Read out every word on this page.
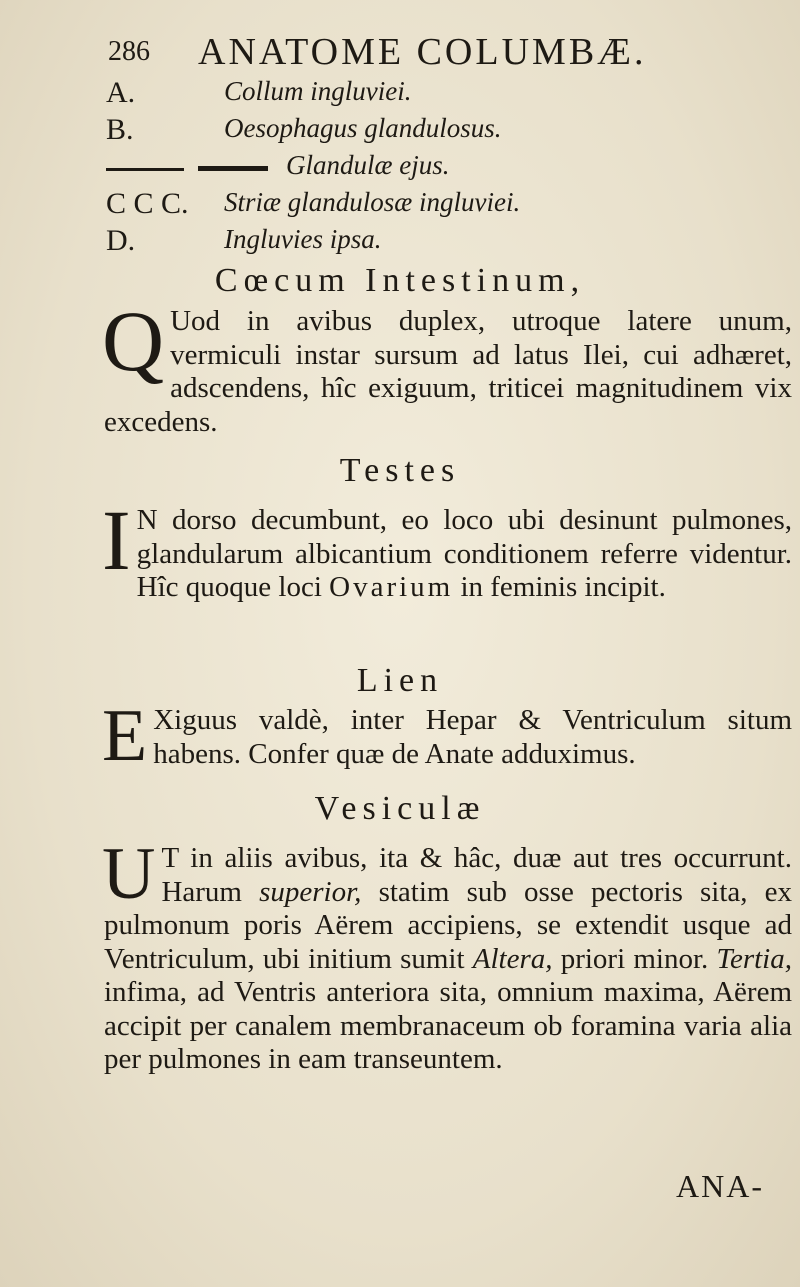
286 ANATOME COLUMBÆ.
A.	Collum ingluviei.
B.	Oesophagus glandulosus.
Glandulæ ejus.
C C C. Striæ glandulosæ ingluviei.
D.	Ingluvies ipsa.
Cœcum Intestinum,
Q Uod in avibus duplex, utroque latere unum, vermiculi instar sursum ad latus Ilei, cui adhæret, adscendens, hîc exiguum, triticei magnitudinem vix excedens.
Testes
I N dorso decumbunt, eo loco ubi desinunt pulmones, glandularum albicantium conditionem referre videntur. Hîc quoque loci Ovarium in feminis incipit.
Lien
E Xiguus valdè, inter Hepar & Ventriculum situm habens. Confer quæ de Anate adduximus.
Vesiculæ
U T in aliis avibus, ita & hâc, duæ aut tres occurrunt. Harum superior, statim sub osse pectoris sita, ex pulmonum poris Aërem accipiens, se extendit usque ad Ventriculum, ubi initium sumit Altera, priori minor. Tertia, infima, ad Ventris anteriora sita, omnium maxima, Aërem accipit per canalem membranaceum ob foramina varia alia per pulmones in eam transeuntem.
ANA-
